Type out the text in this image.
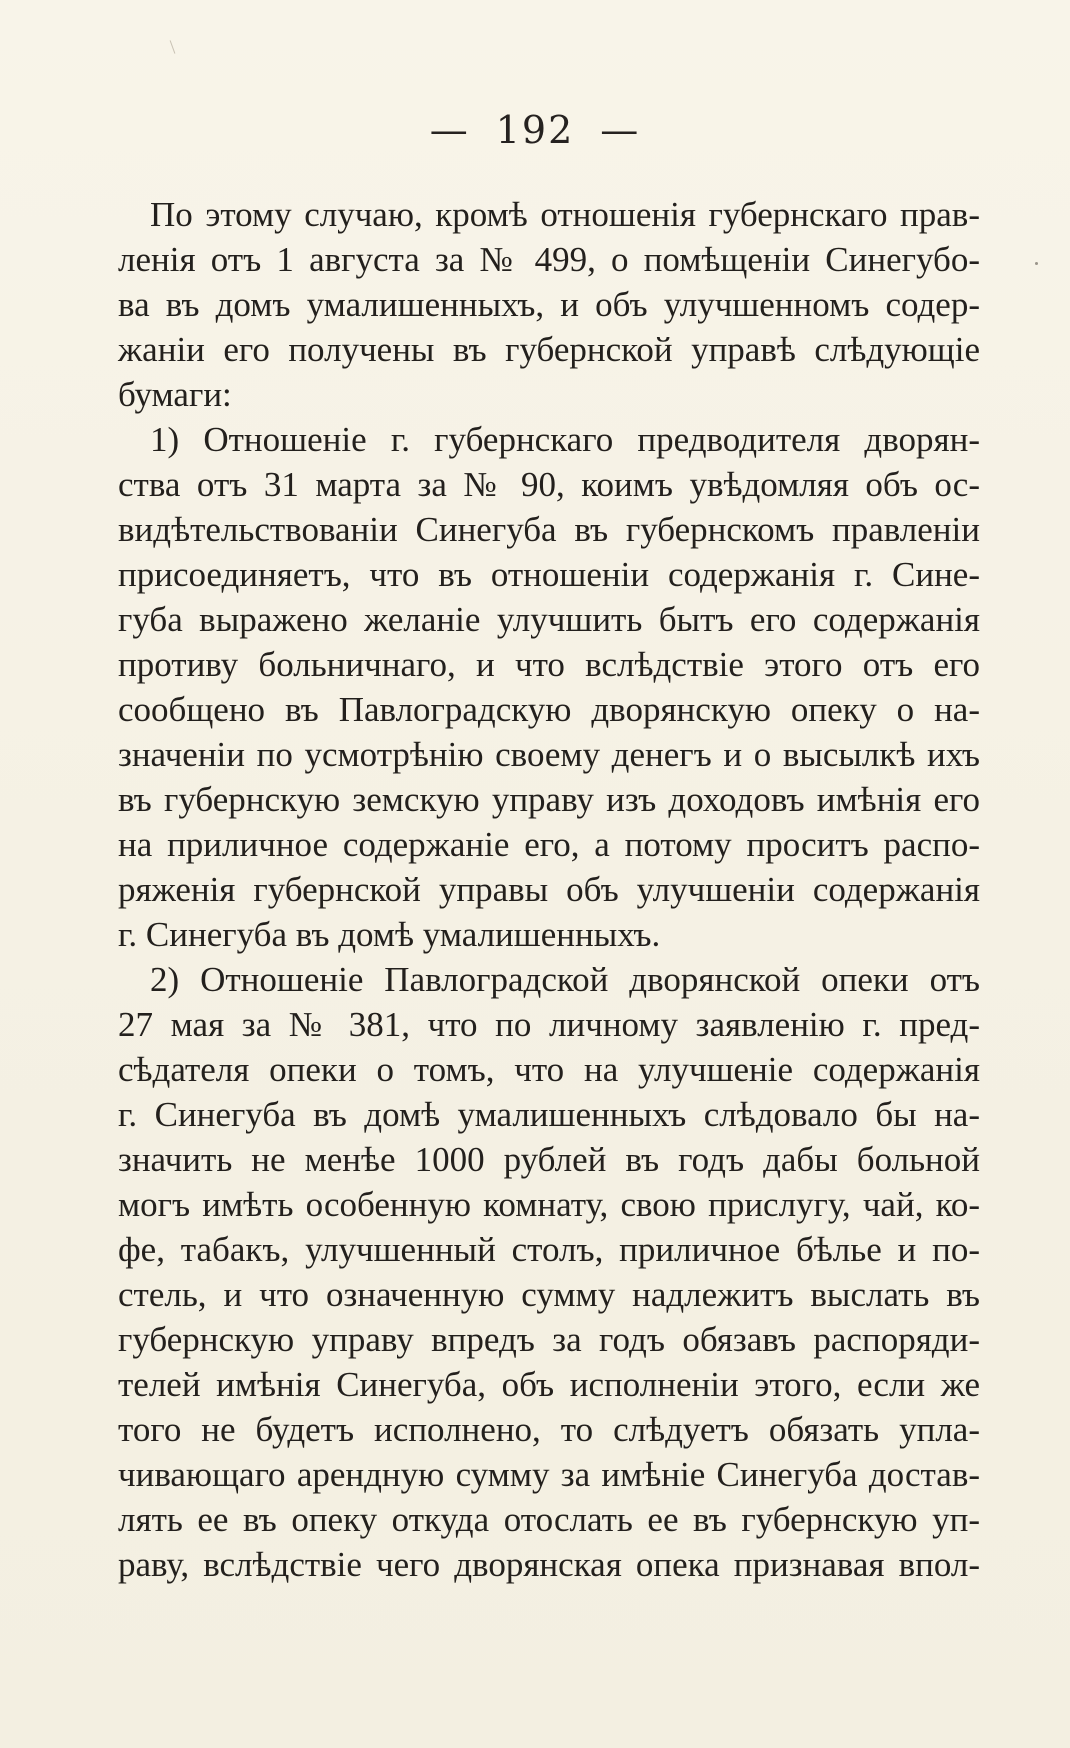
— 192 —
По этому случаю, кромѣ отношенія губернскаго прав-
ленія отъ 1 августа за № 499, о помѣщеніи Синегубо-
ва въ домъ умалишенныхъ, и объ улучшенномъ содер-
жаніи его получены въ губернской управѣ слѣдующіе
бумаги:
1) Отношеніе г. губернскаго предводителя дворян-
ства отъ 31 марта за № 90, коимъ увѣдомляя объ ос-
видѣтельствованіи Синегуба въ губернскомъ правленіи
присоединяетъ, что въ отношеніи содержанія г. Сине-
губа выражено желаніе улучшить бытъ его содержанія
противу больничнаго, и что вслѣдствіе этого отъ его
сообщено въ Павлоградскую дворянскую опеку о на-
значеніи по усмотрѣнію своему денегъ и о высылкѣ ихъ
въ губернскую земскую управу изъ доходовъ имѣнія его
на приличное содержаніе его, а потому проситъ распо-
ряженія губернской управы объ улучшеніи содержанія
г. Синегуба въ домѣ умалишенныхъ.
2) Отношеніе Павлоградской дворянской опеки отъ
27 мая за № 381, что по личному заявленію г. пред-
сѣдателя опеки о томъ, что на улучшеніе содержанія
г. Синегуба въ домѣ умалишенныхъ слѣдовало бы на-
значить не менѣе 1000 рублей въ годъ дабы больной
могъ имѣть особенную комнату, свою прислугу, чай, ко-
фе, табакъ, улучшенный столъ, приличное бѣлье и по-
стель, и что означенную сумму надлежитъ выслать въ
губернскую управу впредъ за годъ обязавъ распоряди-
телей имѣнія Синегуба, объ исполненіи этого, если же
того не будетъ исполнено, то слѣдуетъ обязать упла-
чивающаго арендную сумму за имѣніе Синегуба достав-
лять ее въ опеку откуда отослать ее въ губернскую уп-
раву, вслѣдствіе чего дворянская опека признавая впол-
